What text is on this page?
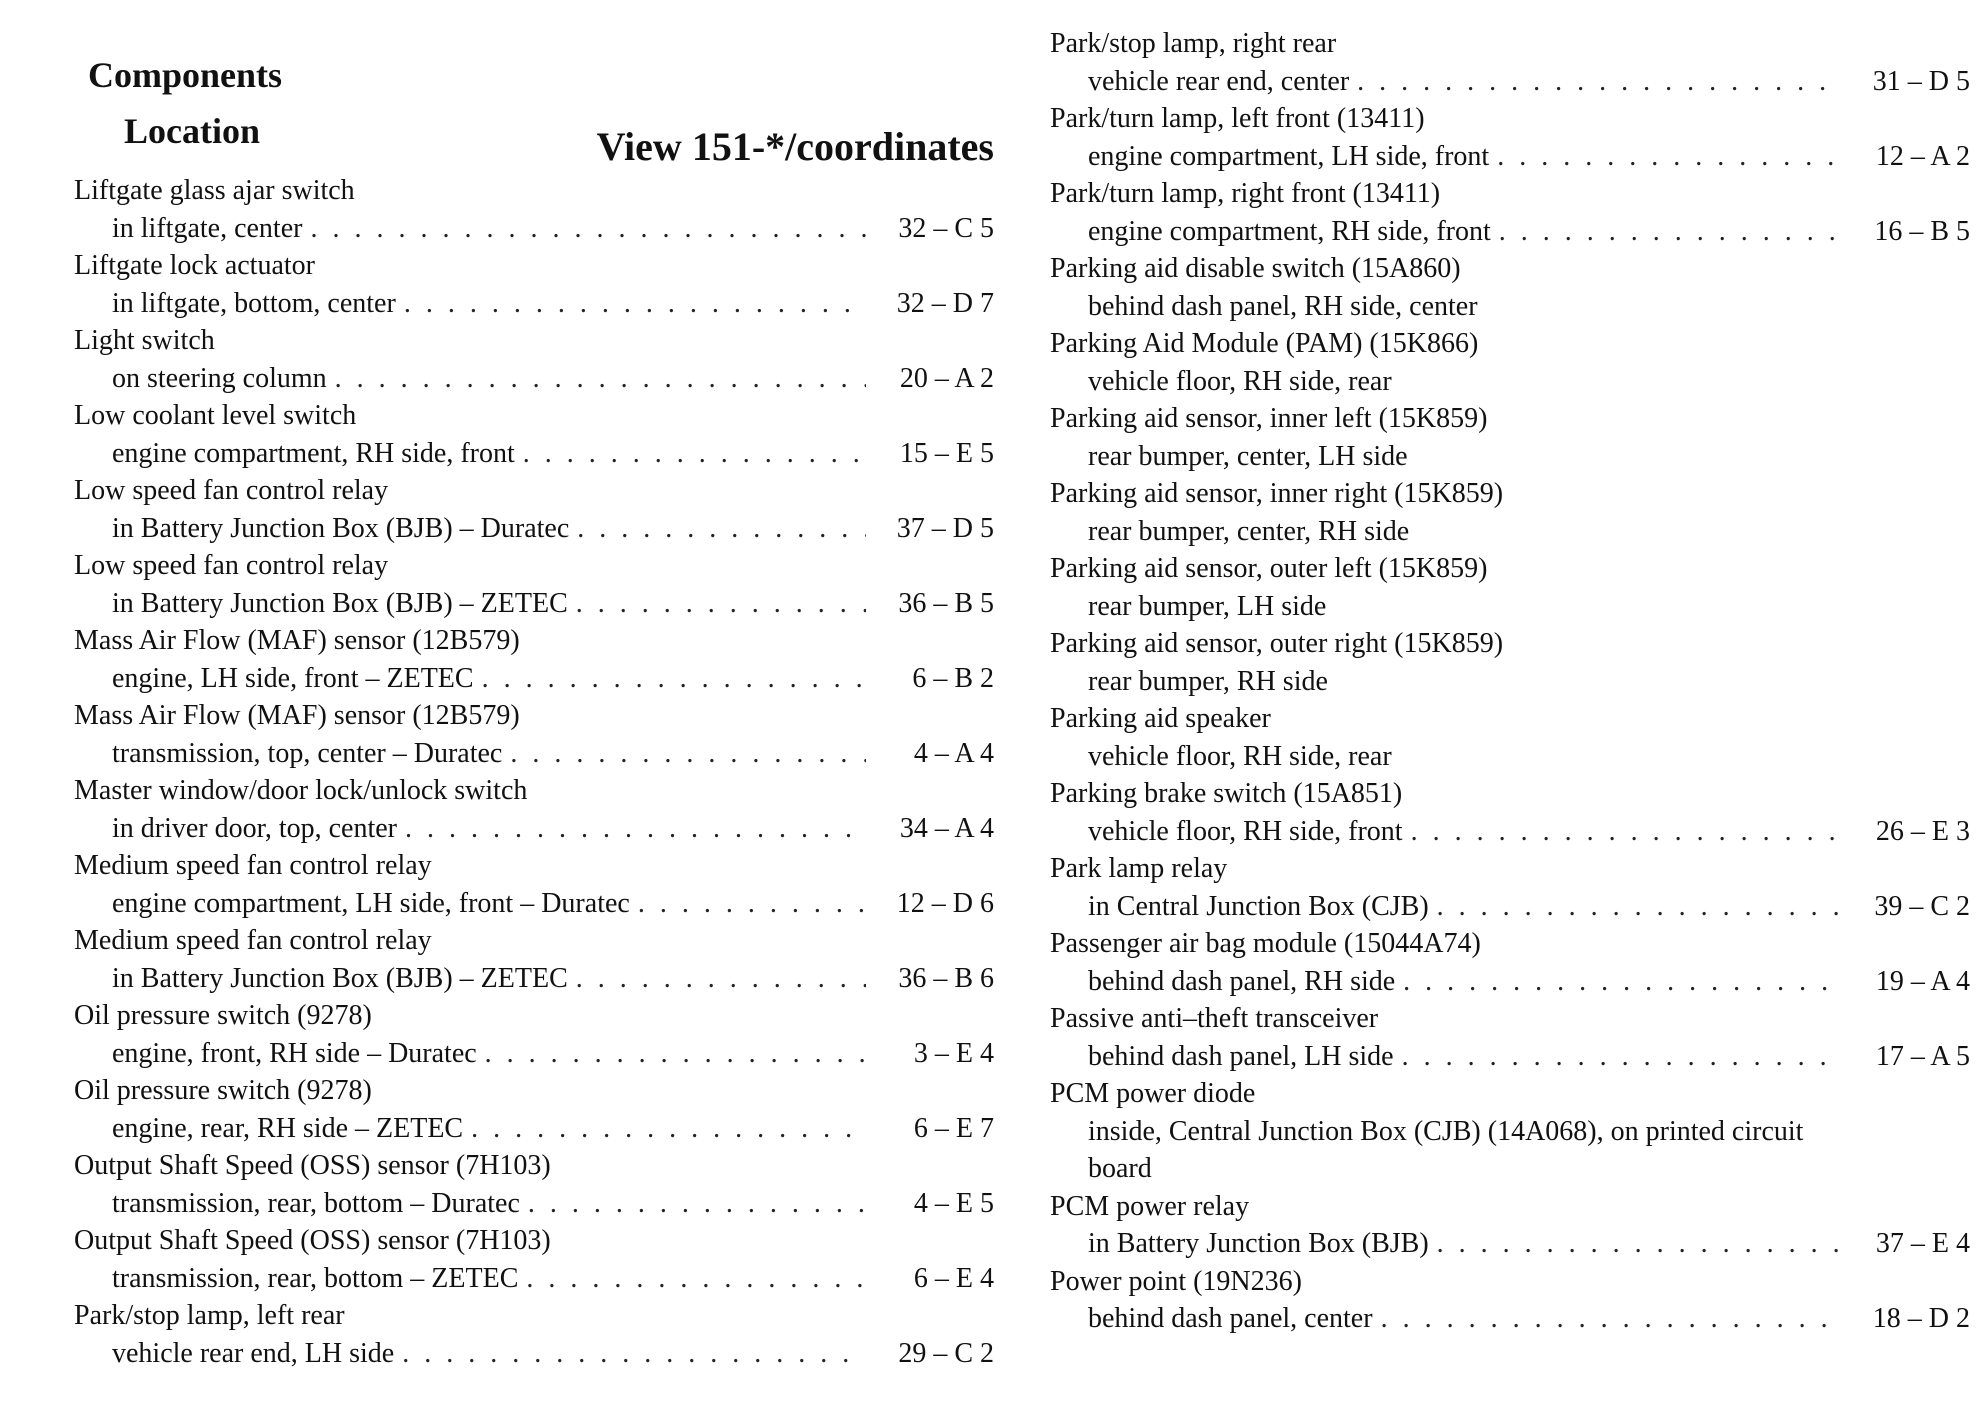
Components
Location	View 151-*/coordinates
Liftgate glass ajar switch
in liftgate, center . . .	32 – C 5
Liftgate lock actuator
in liftgate, bottom, center . . .	32 – D 7
Light switch
on steering column . . .	20 – A 2
Low coolant level switch
engine compartment, RH side, front . . .	15 – E 5
Low speed fan control relay
in Battery Junction Box (BJB) – Duratec . . .	37 – D 5
Low speed fan control relay
in Battery Junction Box (BJB) – ZETEC . . .	36 – B 5
Mass Air Flow (MAF) sensor (12B579)
engine, LH side, front – ZETEC . . .	6 – B 2
Mass Air Flow (MAF) sensor (12B579)
transmission, top, center – Duratec . . .	4 – A 4
Master window/door lock/unlock switch
in driver door, top, center . . .	34 – A 4
Medium speed fan control relay
engine compartment, LH side, front – Duratec . . .	12 – D 6
Medium speed fan control relay
in Battery Junction Box (BJB) – ZETEC . . .	36 – B 6
Oil pressure switch (9278)
engine, front, RH side – Duratec . . .	3 – E 4
Oil pressure switch (9278)
engine, rear, RH side – ZETEC . . .	6 – E 7
Output Shaft Speed (OSS) sensor (7H103)
transmission, rear, bottom – Duratec . . .	4 – E 5
Output Shaft Speed (OSS) sensor (7H103)
transmission, rear, bottom – ZETEC . . .	6 – E 4
Park/stop lamp, left rear
vehicle rear end, LH side . . .	29 – C 2
Park/stop lamp, right rear
vehicle rear end, center . . .	31 – D 5
Park/turn lamp, left front (13411)
engine compartment, LH side, front . . .	12 – A 2
Park/turn lamp, right front (13411)
engine compartment, RH side, front . . .	16 – B 5
Parking aid disable switch (15A860)
behind dash panel, RH side, center
Parking Aid Module (PAM) (15K866)
vehicle floor, RH side, rear
Parking aid sensor, inner left (15K859)
rear bumper, center, LH side
Parking aid sensor, inner right (15K859)
rear bumper, center, RH side
Parking aid sensor, outer left (15K859)
rear bumper, LH side
Parking aid sensor, outer right (15K859)
rear bumper, RH side
Parking aid speaker
vehicle floor, RH side, rear
Parking brake switch (15A851)
vehicle floor, RH side, front . . .	26 – E 3
Park lamp relay
in Central Junction Box (CJB) . . .	39 – C 2
Passenger air bag module (15044A74)
behind dash panel, RH side . . .	19 – A 4
Passive anti–theft transceiver
behind dash panel, LH side . . .	17 – A 5
PCM power diode
inside, Central Junction Box (CJB) (14A068), on printed circuit board
PCM power relay
in Battery Junction Box (BJB) . . .	37 – E 4
Power point (19N236)
behind dash panel, center . . .	18 – D 2
